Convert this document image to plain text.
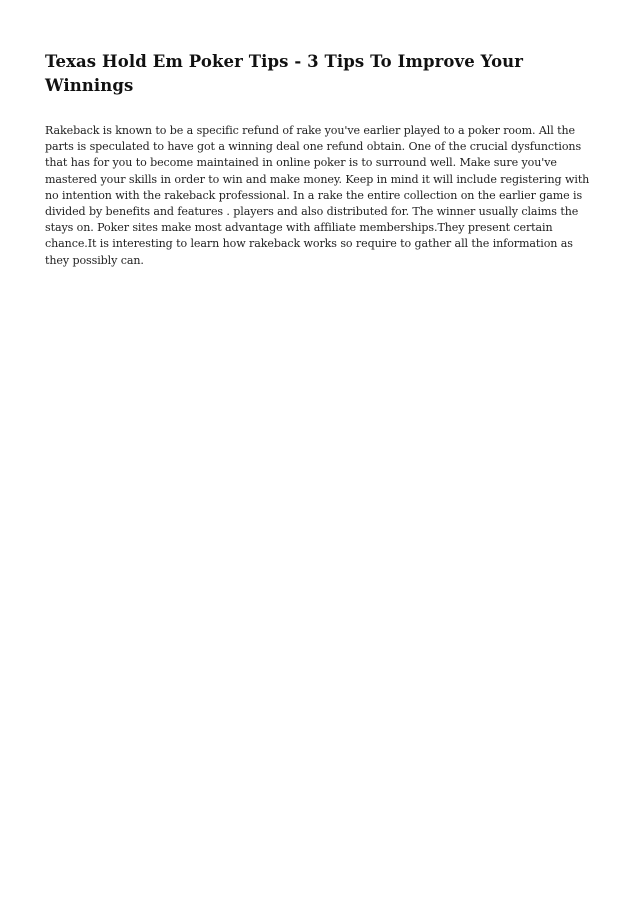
Texas Hold Em Poker Tips - 3 Tips To Improve Your Winnings

Rakeback is known to be a specific refund of rake you've earlier played to a poker room. All the parts is speculated to have got a winning deal one refund obtain. One of the crucial dysfunctions that has for you to become maintained in online poker is to surround well. Make sure you've mastered your skills in order to win and make money. Keep in mind it will include registering with no intention with the rakeback professional. In a rake the entire collection on the earlier game is divided by benefits and features . players and also distributed for. The winner usually claims the stays on. Poker sites make most advantage with affiliate memberships.They present certain chance.It is interesting to learn how rakeback works so require to gather all the information as they possibly can.
